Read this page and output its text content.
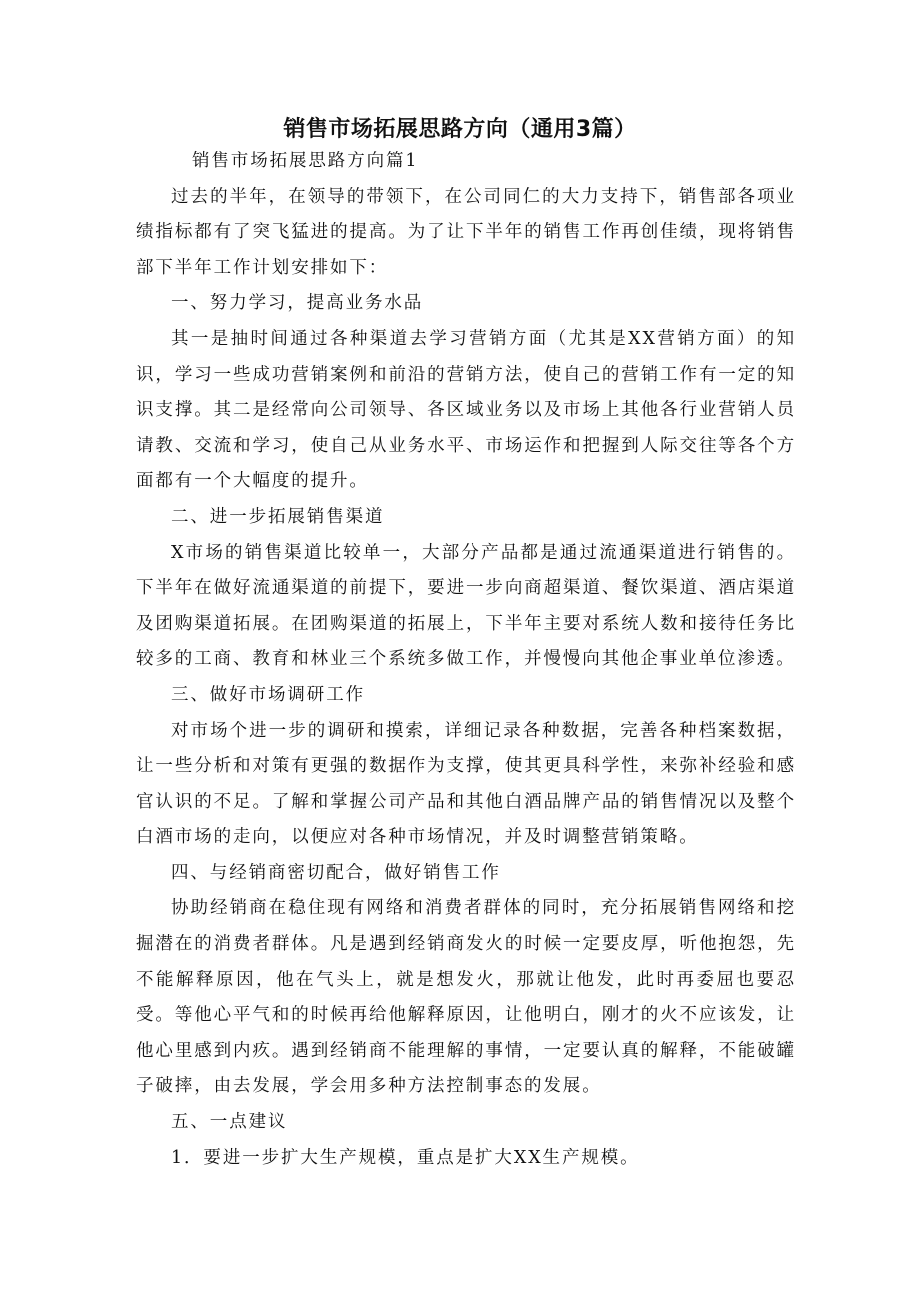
销售市场拓展思路方向（通用3篇）

销售市场拓展思路方向篇1

过去的半年，在领导的带领下，在公司同仁的大力支持下，销售部各项业绩指标都有了突飞猛进的提高。为了让下半年的销售工作再创佳绩，现将销售部下半年工作计划安排如下：

一、努力学习，提高业务水品

其一是抽时间通过各种渠道去学习营销方面（尤其是XX营销方面）的知识，学习一些成功营销案例和前沿的营销方法，使自己的营销工作有一定的知识支撑。其二是经常向公司领导、各区域业务以及市场上其他各行业营销人员请教、交流和学习，使自己从业务水平、市场运作和把握到人际交往等各个方面都有一个大幅度的提升。

二、进一步拓展销售渠道

X市场的销售渠道比较单一，大部分产品都是通过流通渠道进行销售的。下半年在做好流通渠道的前提下，要进一步向商超渠道、餐饮渠道、酒店渠道及团购渠道拓展。在团购渠道的拓展上，下半年主要对系统人数和接待任务比较多的工商、教育和林业三个系统多做工作，并慢慢向其他企事业单位渗透。

三、做好市场调研工作

对市场个进一步的调研和摸索，详细记录各种数据，完善各种档案数据，让一些分析和对策有更强的数据作为支撑，使其更具科学性，来弥补经验和感官认识的不足。了解和掌握公司产品和其他白酒品牌产品的销售情况以及整个白酒市场的走向，以便应对各种市场情况，并及时调整营销策略。

四、与经销商密切配合，做好销售工作

协助经销商在稳住现有网络和消费者群体的同时，充分拓展销售网络和挖掘潜在的消费者群体。凡是遇到经销商发火的时候一定要皮厚，听他抱怨，先不能解释原因，他在气头上，就是想发火，那就让他发，此时再委屈也要忍受。等他心平气和的时候再给他解释原因，让他明白，刚才的火不应该发，让他心里感到内疚。遇到经销商不能理解的事情，一定要认真的解释，不能破罐子破摔，由去发展，学会用多种方法控制事态的发展。

五、一点建议

1．要进一步扩大生产规模，重点是扩大XX生产规模。
